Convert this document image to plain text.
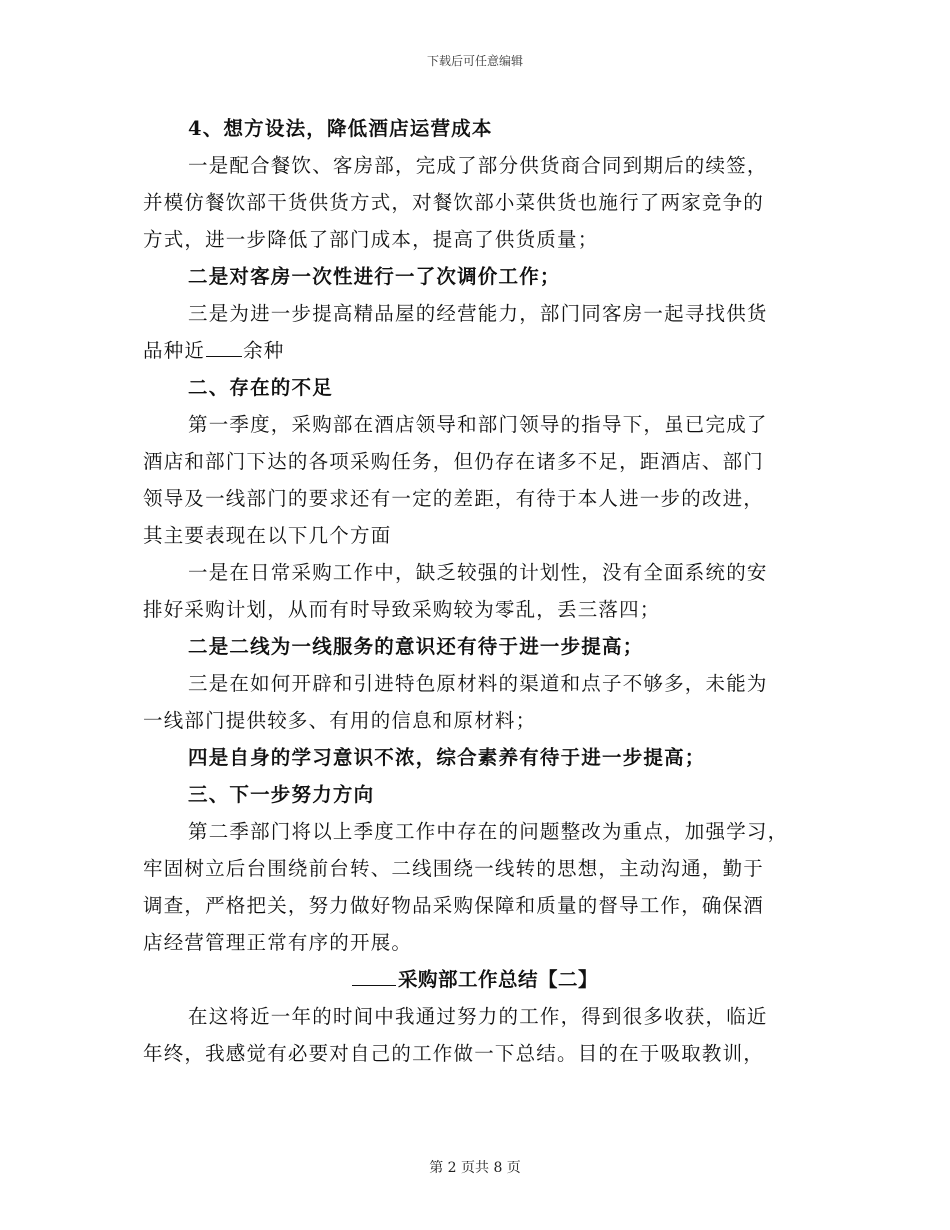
下载后可任意编辑
4、想方设法，降低酒店运营成本
一是配合餐饮、客房部，完成了部分供货商合同到期后的续签，
并模仿餐饮部干货供货方式，对餐饮部小菜供货也施行了两家竞争的
方式，进一步降低了部门成本，提高了供货质量；
二是对客房一次性进行一了次调价工作；
三是为进一步提高精品屋的经营能力，部门同客房一起寻找供货
品种近 余种
二、存在的不足
第一季度，采购部在酒店领导和部门领导的指导下，虽已完成了
酒店和部门下达的各项采购任务，但仍存在诸多不足，距酒店、部门
领导及一线部门的要求还有一定的差距，有待于本人进一步的改进，
其主要表现在以下几个方面
一是在日常采购工作中，缺乏较强的计划性，没有全面系统的安
排好采购计划，从而有时导致采购较为零乱，丢三落四；
二是二线为一线服务的意识还有待于进一步提高；
三是在如何开辟和引进特色原材料的渠道和点子不够多，未能为
一线部门提供较多、有用的信息和原材料；
四是自身的学习意识不浓，综合素养有待于进一步提高；
三、下一步努力方向
第二季部门将以上季度工作中存在的问题整改为重点，加强学习，
牢固树立后台围绕前台转、二线围绕一线转的思想，主动沟通，勤于
调查，严格把关，努力做好物品采购保障和质量的督导工作，确保酒
店经营管理正常有序的开展。
采购部工作总结【二】
在这将近一年的时间中我通过努力的工作，得到很多收获，临近
年终，我感觉有必要对自己的工作做一下总结。目的在于吸取教训，
第 2 页共 8 页
